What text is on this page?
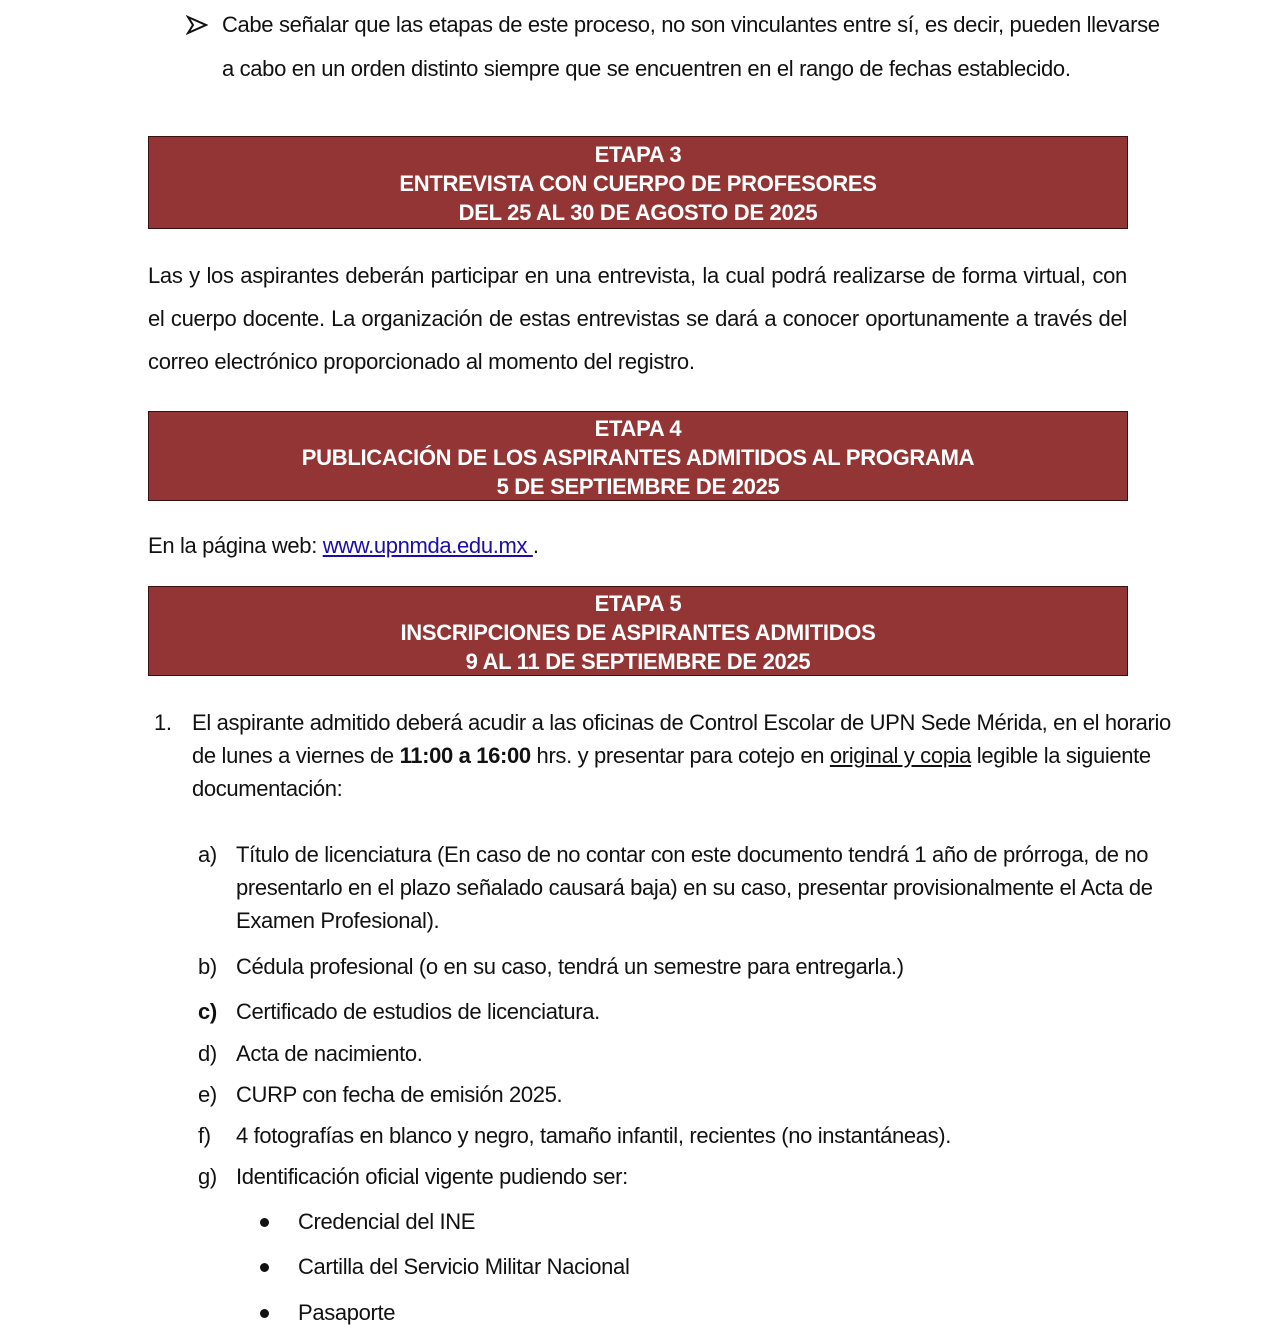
Cabe señalar que las etapas de este proceso, no son vinculantes entre sí, es decir, pueden llevarse
a cabo en un orden distinto siempre que se encuentren en el rango de fechas establecido.
ETAPA 3
ENTREVISTA CON CUERPO DE PROFESORES
DEL 25 AL 30 DE AGOSTO DE 2025
Las y los aspirantes deberán participar en una entrevista, la cual podrá realizarse de forma virtual, con el cuerpo docente. La organización de estas entrevistas se dará a conocer oportunamente a través del correo electrónico proporcionado al momento del registro.
ETAPA 4
PUBLICACIÓN DE LOS ASPIRANTES ADMITIDOS AL PROGRAMA
5 DE SEPTIEMBRE DE 2025
En la página web: www.upnmda.edu.mx .
ETAPA 5
INSCRIPCIONES DE ASPIRANTES ADMITIDOS
9 AL 11 DE SEPTIEMBRE DE 2025
1. El aspirante admitido deberá acudir a las oficinas de Control Escolar de UPN Sede Mérida, en el horario
de lunes a viernes de 11:00 a 16:00 hrs. y presentar para cotejo en original y copia legible la siguiente
documentación:
a) Título de licenciatura (En caso de no contar con este documento tendrá 1 año de prórroga, de no
presentarlo en el plazo señalado causará baja) en su caso, presentar provisionalmente el Acta de
Examen Profesional).
b) Cédula profesional (o en su caso, tendrá un semestre para entregarla.)
c) Certificado de estudios de licenciatura.
d) Acta de nacimiento.
e) CURP con fecha de emisión 2025.
f) 4 fotografías en blanco y negro, tamaño infantil, recientes (no instantáneas).
g) Identificación oficial vigente pudiendo ser:
Credencial del INE
Cartilla del Servicio Militar Nacional
Pasaporte
